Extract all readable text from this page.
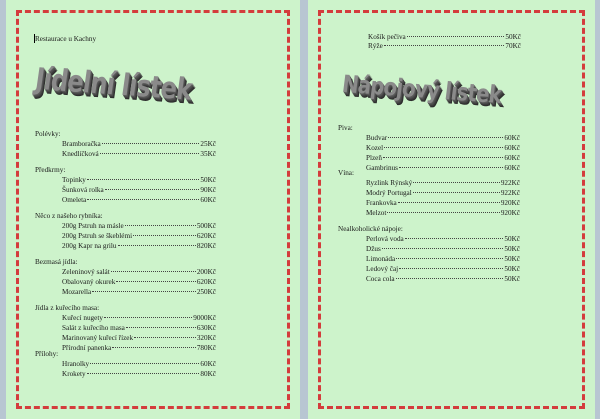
Restaurace u Kachny
Jídelní lístek
Polévky:
Bramboračka	25Kč
Knedlíčková	35Kč
Předkrmy:
Topinky	50Kč
Šunková rolka	90Kč
Omeleta	60Kč
Něco z našeho rybníka:
200g Pstruh na másle	500Kč
200g Pstruh se škeblémi	620Kč
200g Kapr na grilu	820Kč
Bezmasá jídla:
Zeleninový salát	200Kč
Obalovaný okurek	620Kč
Mozarella	250Kč
Jídla z kuřecího masa:
Kuřecí nugety	9000Kč
Salát z kuřecího masa	630Kč
Marinovaný kuřecí řízek	320Kč
Přírodní panenka	780Kč
Přílohy:
Hranolky	60Kč
Krokety	80Kč
Nápojový lístek
Košík pečiva	50Kč
Rýže	70Kč
Piva:
Budvar	60Kč
Kozel	60Kč
Plzeň	60Kč
Gambrinus	60Kč
Vína:
Ryzlink Rýnský	922Kč
Modrý Portugal	922Kč
Frankovka	920Kč
Melzot	920Kč
Nealkoholické nápoje:
Perlová voda	50Kč
Džus	50Kč
Limonáda	50Kč
Ledový čaj	50Kč
Coca cola	50Kč
